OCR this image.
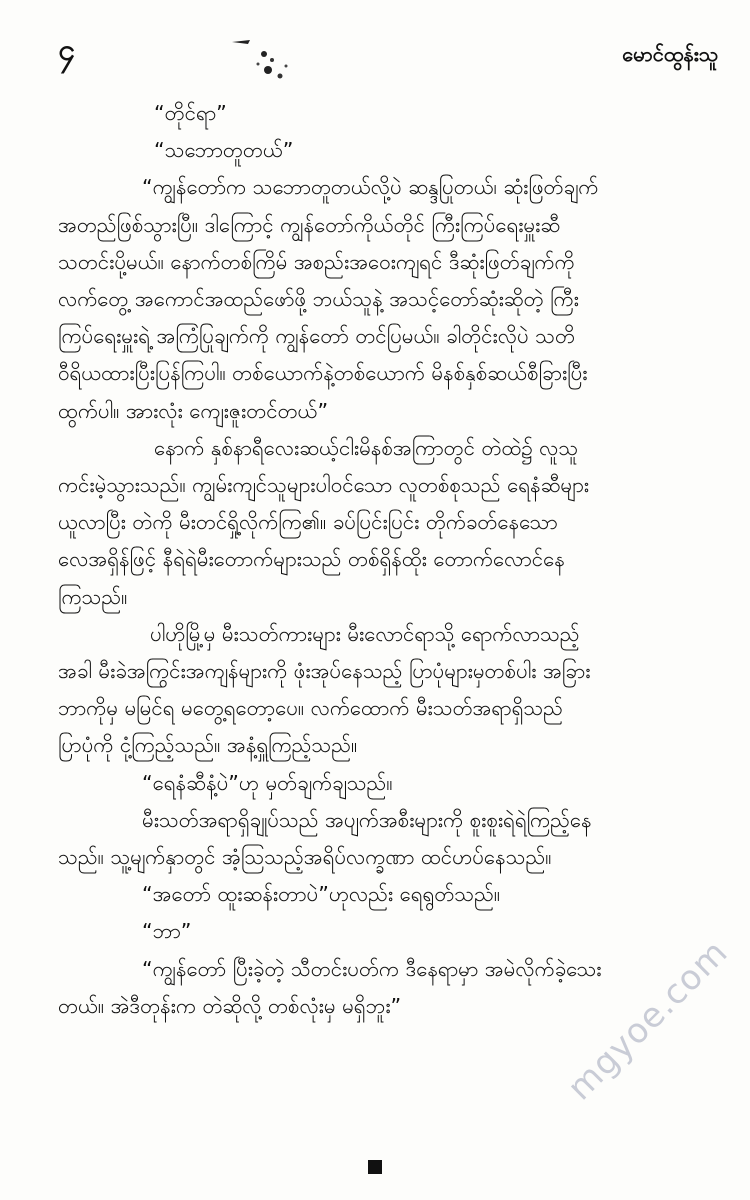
၄	မောင်ထွန်းသူ
“တိုင်ရာ”
“သဘောတူတယ်”
“ကျွန်တော်က သဘောတူတယ်လို့ပဲ ဆန္ဒပြုတယ်၊ ဆုံးဖြတ်ချက်
အတည်ဖြစ်သွားပြီ။ ဒါကြောင့် ကျွန်တော်ကိုယ်တိုင် ကြီးကြပ်ရေးမှူးဆီ
သတင်းပို့မယ်။ နောက်တစ်ကြိမ် အစည်းအဝေးကျရင် ဒီဆုံးဖြတ်ချက်ကို
လက်တွေ့ အကောင်အထည်ဖော်ဖို့ ဘယ်သူနဲ့ အသင့်တော်ဆုံးဆိုတဲ့ ကြီး
ကြပ်ရေးမှူးရဲ့ အကြံပြုချက်ကို ကျွန်တော် တင်ပြမယ်။ ခါတိုင်းလိုပဲ သတိ
ဝီရိယထားပြီးပြန်ကြပါ။ တစ်ယောက်နဲ့တစ်ယောက် မိနစ်နှစ်ဆယ်စီခြားပြီး
ထွက်ပါ။ အားလုံး ကျေးဇူးတင်တယ်”
နောက် နှစ်နာရီလေးဆယ့်ငါးမိနစ်အကြာတွင် တဲထဲ၌ လူသူ
ကင်းမဲ့သွားသည်။ ကျွမ်းကျင်သူများပါဝင်သော လူတစ်စုသည် ရေနံဆီများ
ယူလာပြီး တဲကို မီးတင်ရှို့လိုက်ကြ၏။ ခပ်ပြင်းပြင်း တိုက်ခတ်နေသော
လေအရှိန်ဖြင့် နီရဲရဲမီးတောက်များသည် တစ်ရှိန်ထိုး တောက်လောင်နေ
ကြသည်။
ပါဟိုမြို့မှ မီးသတ်ကားများ မီးလောင်ရာသို့ ရောက်လာသည့်
အခါ မီးခဲအကြွင်းအကျန်များကို ဖုံးအုပ်နေသည့် ပြာပုံများမှတစ်ပါး အခြား
ဘာကိုမှ မမြင်ရ မတွေ့ရတော့ပေ။ လက်ထောက် မီးသတ်အရာရှိသည်
ပြာပုံကို ငုံ့ကြည့်သည်။ အနံ့ရှူကြည့်သည်။
“ရေနံဆီနံ့ပဲ”ဟု မှတ်ချက်ချသည်။
မီးသတ်အရာရှိချုပ်သည် အပျက်အစီးများကို စူးစူးရဲရဲကြည့်နေ
သည်။ သူ့မျက်နှာတွင် အံ့သြသည့်အရိပ်လက္ခဏာ ထင်ဟပ်နေသည်။
“အတော် ထူးဆန်းတာပဲ”ဟုလည်း ရေရွတ်သည်။
“ဘာ”
“ကျွန်တော် ပြီးခဲ့တဲ့ သီတင်းပတ်က ဒီနေရာမှာ အမဲလိုက်ခဲ့သေး
တယ်။ အဲဒီတုန်းက တဲဆိုလို့ တစ်လုံးမှ မရှိဘူး”	mgyoe.com
